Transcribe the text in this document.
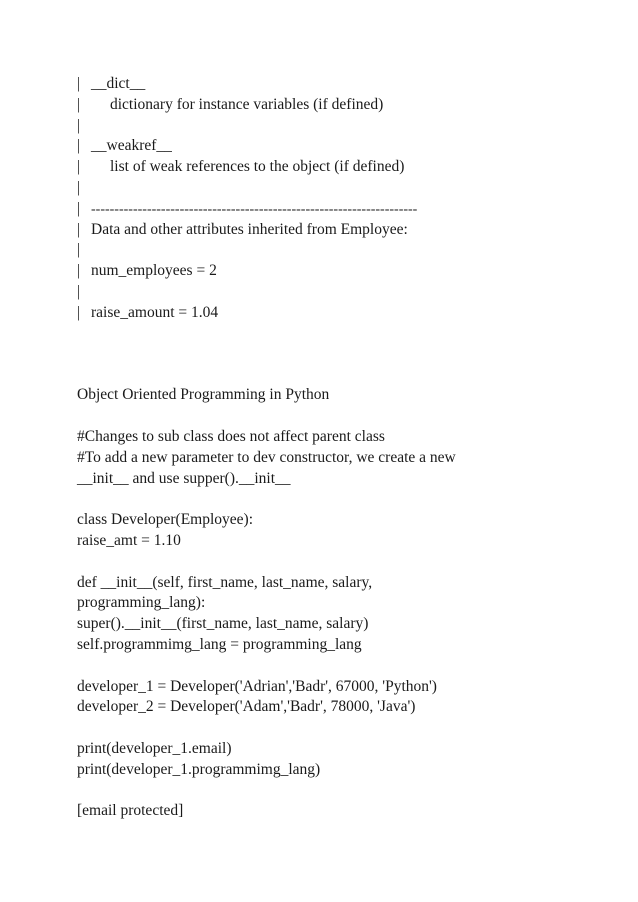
| __dict__
| dictionary for instance variables (if defined)
|
| __weakref__
| list of weak references to the object (if defined)
|
| ----------------------------------------------------------------------
| Data and other attributes inherited from Employee:
|
| num_employees = 2
|
| raise_amount = 1.04
Object Oriented Programming in Python
#Changes to sub class does not affect parent class
#To add a new parameter to dev constructor, we create a new
__init__ and use supper().__init__
class Developer(Employee):
raise_amt = 1.10
def __init__(self, first_name, last_name, salary,
programming_lang):
super().__init__(first_name, last_name, salary)
self.programmimg_lang = programming_lang
developer_1 = Developer('Adrian','Badr', 67000, 'Python')
developer_2 = Developer('Adam','Badr', 78000, 'Java')
print(developer_1.email)
print(developer_1.programmimg_lang)
[email protected]
